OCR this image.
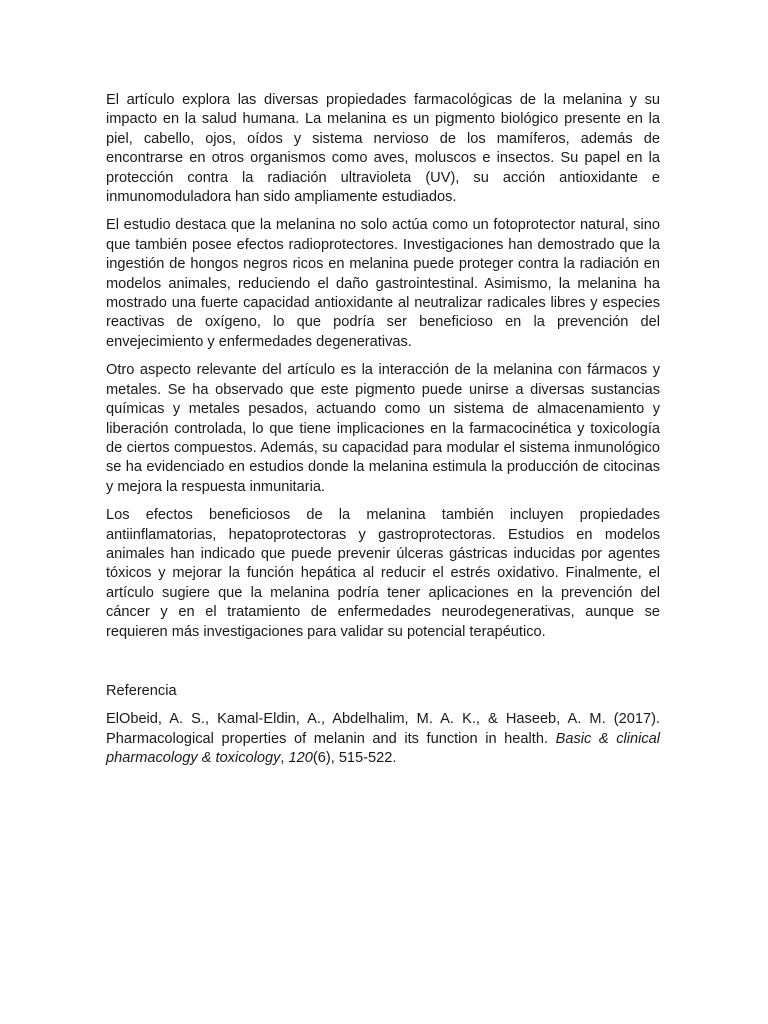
El artículo explora las diversas propiedades farmacológicas de la melanina y su impacto en la salud humana. La melanina es un pigmento biológico presente en la piel, cabello, ojos, oídos y sistema nervioso de los mamíferos, además de encontrarse en otros organismos como aves, moluscos e insectos. Su papel en la protección contra la radiación ultravioleta (UV), su acción antioxidante e inmunomoduladora han sido ampliamente estudiados.

El estudio destaca que la melanina no solo actúa como un fotoprotector natural, sino que también posee efectos radioprotectores. Investigaciones han demostrado que la ingestión de hongos negros ricos en melanina puede proteger contra la radiación en modelos animales, reduciendo el daño gastrointestinal. Asimismo, la melanina ha mostrado una fuerte capacidad antioxidante al neutralizar radicales libres y especies reactivas de oxígeno, lo que podría ser beneficioso en la prevención del envejecimiento y enfermedades degenerativas.

Otro aspecto relevante del artículo es la interacción de la melanina con fármacos y metales. Se ha observado que este pigmento puede unirse a diversas sustancias químicas y metales pesados, actuando como un sistema de almacenamiento y liberación controlada, lo que tiene implicaciones en la farmacocinética y toxicología de ciertos compuestos. Además, su capacidad para modular el sistema inmunológico se ha evidenciado en estudios donde la melanina estimula la producción de citocinas y mejora la respuesta inmunitaria.

Los efectos beneficiosos de la melanina también incluyen propiedades antiinflamatorias, hepatoprotectoras y gastroprotectoras. Estudios en modelos animales han indicado que puede prevenir úlceras gástricas inducidas por agentes tóxicos y mejorar la función hepática al reducir el estrés oxidativo. Finalmente, el artículo sugiere que la melanina podría tener aplicaciones en la prevención del cáncer y en el tratamiento de enfermedades neurodegenerativas, aunque se requieren más investigaciones para validar su potencial terapéutico.

Referencia

ElObeid, A. S., Kamal-Eldin, A., Abdelhalim, M. A. K., & Haseeb, A. M. (2017). Pharmacological properties of melanin and its function in health. Basic & clinical pharmacology & toxicology, 120(6), 515-522.
